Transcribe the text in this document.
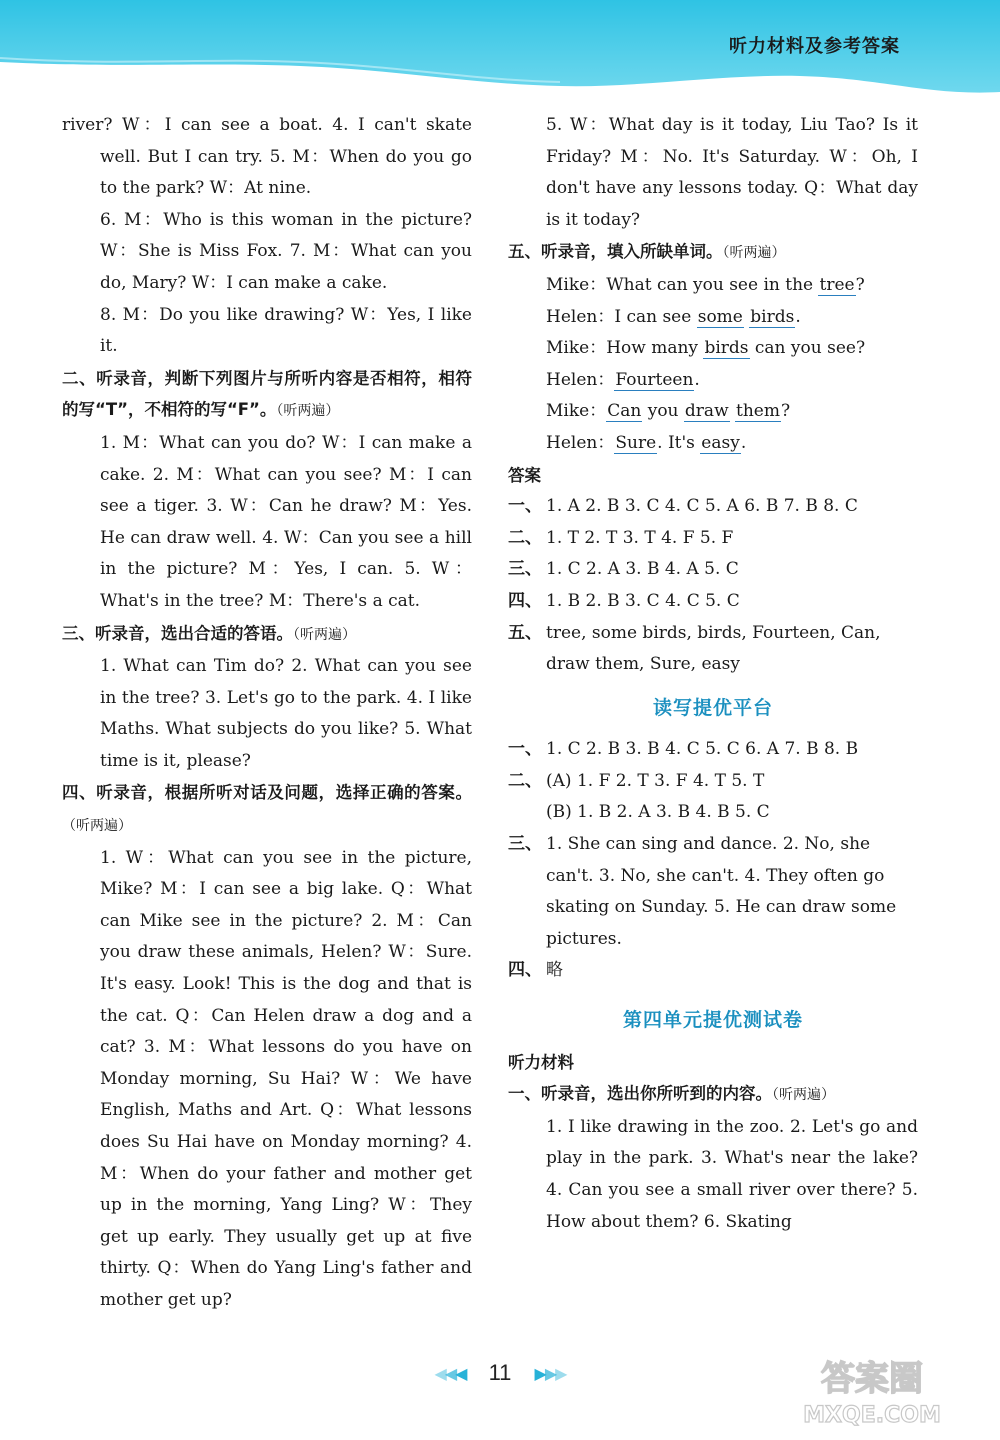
听力材料及参考答案

river? W：I can see a boat. 4. I can't skate well. But I can try. 5. M：When do you go to the park? W：At nine.

6. M：Who is this woman in the picture? W：She is Miss Fox. 7. M：What can you do, Mary? W：I can make a cake.

8. M：Do you like drawing? W：Yes, I like it.

二、听录音，判断下列图片与所听内容是否相符，相符的写“T”，不相符的写“F”。（听两遍）

1. M：What can you do? W：I can make a cake. 2. M：What can you see? M：I can see a tiger. 3. W：Can he draw? M：Yes. He can draw well. 4. W：Can you see a hill in the picture? M：Yes, I can. 5. W：What's in the tree? M：There's a cat.

三、听录音，选出合适的答语。（听两遍）

1. What can Tim do? 2. What can you see in the tree? 3. Let's go to the park. 4. I like Maths. What subjects do you like? 5. What time is it, please?

四、听录音，根据所听对话及问题，选择正确的答案。（听两遍）

1. W：What can you see in the picture, Mike? M：I can see a big lake. Q：What can Mike see in the picture? 2. M：Can you draw these animals, Helen? W：Sure. It's easy. Look! This is the dog and that is the cat. Q：Can Helen draw a dog and a cat? 3. M：What lessons do you have on Monday morning, Su Hai? W：We have English, Maths and Art. Q：What lessons does Su Hai have on Monday morning? 4. M：When do your father and mother get up in the morning, Yang Ling? W：They get up early. They usually get up at five thirty. Q：When do Yang Ling's father and mother get up?

5. W：What day is it today, Liu Tao? Is it Friday? M：No. It's Saturday. W：Oh, I don't have any lessons today. Q：What day is it today?

五、听录音，填入所缺单词。（听两遍）
Mike：What can you see in the tree?
Helen：I can see some birds.
Mike：How many birds can you see?
Helen：Fourteen.
Mike：Can you draw them?
Helen：Sure. It's easy.
答案
一、 1. A 2. B 3. C 4. C 5. A 6. B 7. B 8. C
二、 1. T 2. T 3. T 4. F 5. F
三、 1. C 2. A 3. B 4. A 5. C
四、 1. B 2. B 3. C 4. C 5. C
五、 tree, some birds, birds, Fourteen, Can, draw them, Sure, easy
读写提优平台
一、 1. C 2. B 3. B 4. C 5. C 6. A 7. B 8. B
二、 (A) 1. F 2. T 3. F 4. T 5. T
(B) 1. B 2. A 3. B 4. B 5. C
三、 1. She can sing and dance. 2. No, she can't. 3. No, she can't. 4. They often go skating on Sunday. 5. He can draw some pictures.
四、 略
第四单元提优测试卷
听力材料
一、听录音，选出你所听到的内容。（听两遍）

1. I like drawing in the zoo. 2. Let's go and play in the park. 3. What's near the lake? 4. Can you see a small river over there? 5. How about them? 6. Skating

◀◀◀ 11 ▶▶▶	答案圈
MXQE.COM
